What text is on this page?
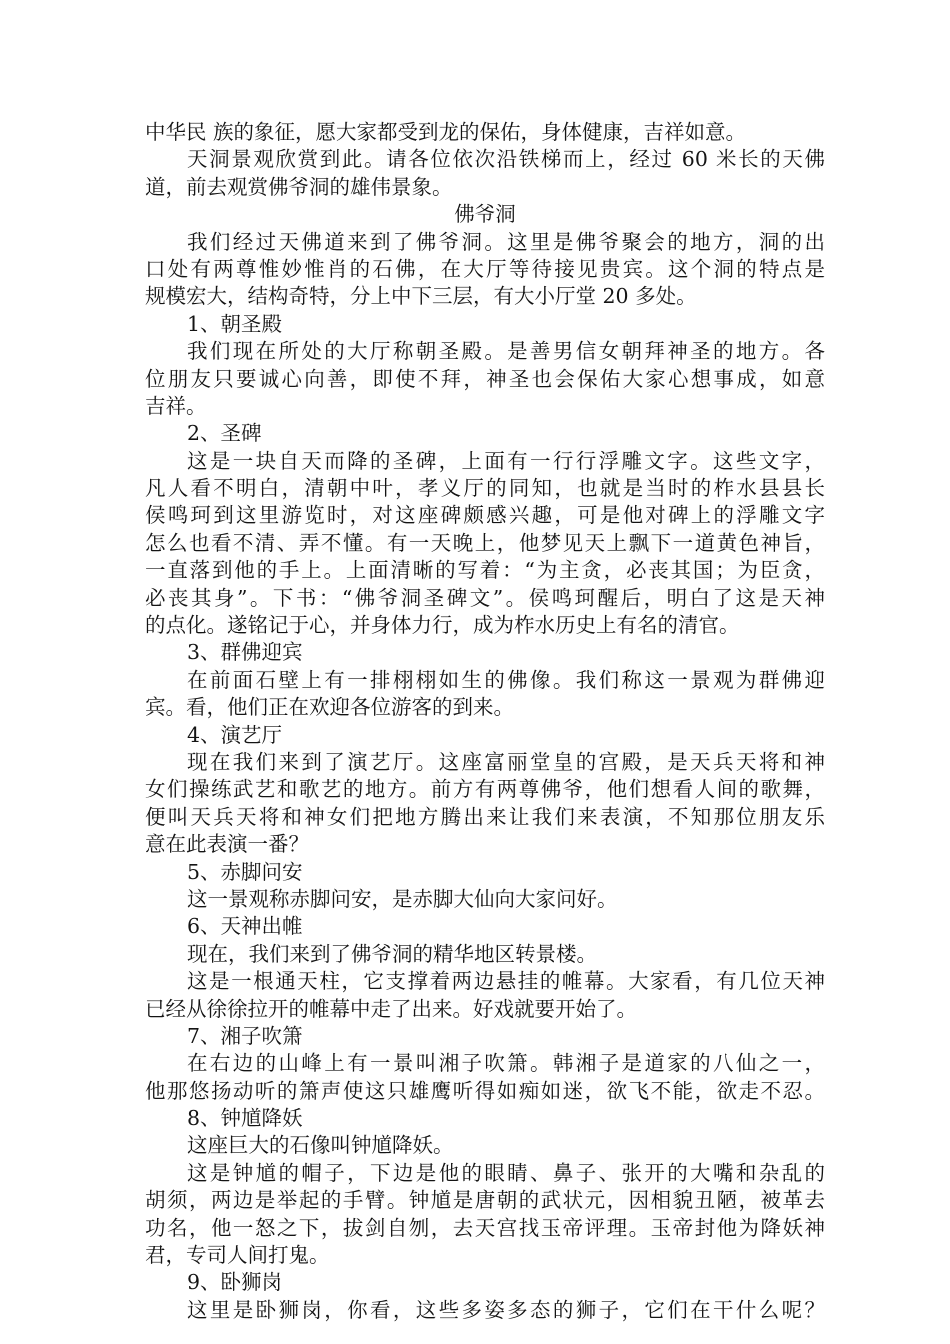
中华民 族的象征，愿大家都受到龙的保佑，身体健康，吉祥如意。
天洞景观欣赏到此。请各位依次沿铁梯而上，经过 60 米长的天佛
道，前去观赏佛爷洞的雄伟景象。
佛爷洞
我们经过天佛道来到了佛爷洞。这里是佛爷聚会的地方，洞的出
口处有两尊惟妙惟肖的石佛，在大厅等待接见贵宾。这个洞的特点是
规模宏大，结构奇特，分上中下三层，有大小厅堂 20 多处。
1、朝圣殿
我们现在所处的大厅称朝圣殿。是善男信女朝拜神圣的地方。各
位朋友只要诚心向善，即使不拜，神圣也会保佑大家心想事成，如意
吉祥。
2、圣碑
这是一块自天而降的圣碑，上面有一行行浮雕文字。这些文字，
凡人看不明白，清朝中叶，孝义厅的同知，也就是当时的柞水县县长
侯鸣珂到这里游览时，对这座碑颇感兴趣，可是他对碑上的浮雕文字
怎么也看不清、弄不懂。有一天晚上，他梦见天上飘下一道黄色神旨，
一直落到他的手上。上面清晰的写着：“为主贪，必丧其国；为臣贪，
必丧其身”。下书：“佛爷洞圣碑文”。侯鸣珂醒后，明白了这是天神
的点化。遂铭记于心，并身体力行，成为柞水历史上有名的清官。
3、群佛迎宾
在前面石壁上有一排栩栩如生的佛像。我们称这一景观为群佛迎
宾。看，他们正在欢迎各位游客的到来。
4、演艺厅
现在我们来到了演艺厅。这座富丽堂皇的宫殿，是天兵天将和神
女们操练武艺和歌艺的地方。前方有两尊佛爷，他们想看人间的歌舞，
便叫天兵天将和神女们把地方腾出来让我们来表演，不知那位朋友乐
意在此表演一番？
5、赤脚问安
这一景观称赤脚问安，是赤脚大仙向大家问好。
6、天神出帷
现在，我们来到了佛爷洞的精华地区转景楼。
这是一根通天柱，它支撑着两边悬挂的帷幕。大家看，有几位天神
已经从徐徐拉开的帷幕中走了出来。好戏就要开始了。
7、湘子吹箫
在右边的山峰上有一景叫湘子吹箫。韩湘子是道家的八仙之一，
他那悠扬动听的箫声使这只雄鹰听得如痴如迷，欲飞不能，欲走不忍。
8、钟馗降妖
这座巨大的石像叫钟馗降妖。
这是钟馗的帽子，下边是他的眼睛、鼻子、张开的大嘴和杂乱的
胡须，两边是举起的手臂。钟馗是唐朝的武状元，因相貌丑陋，被革去
功名，他一怒之下，拔剑自刎，去天宫找玉帝评理。玉帝封他为降妖神
君，专司人间打鬼。
9、卧狮岗
这里是卧狮岗，你看，这些多姿多态的狮子，它们在干什么呢？
